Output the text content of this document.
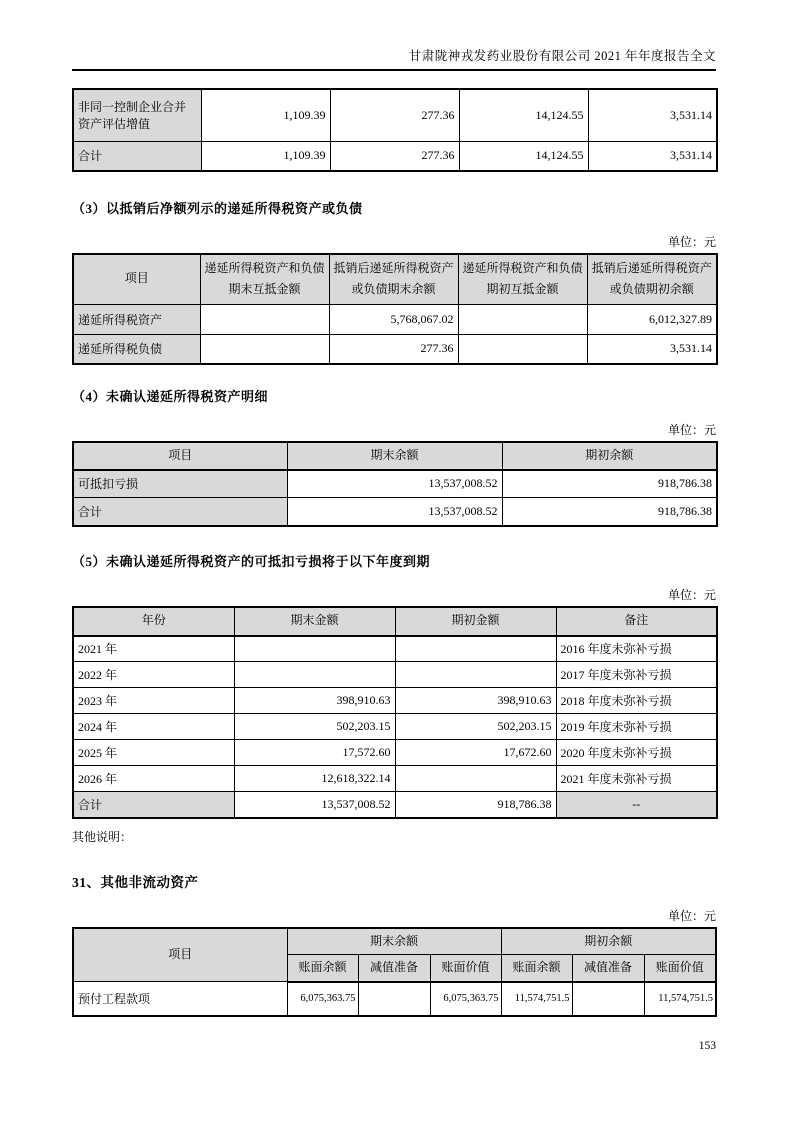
甘肃陇神戎发药业股份有限公司 2021 年年度报告全文
非同一控制企业合并资产评估增值	1,109.39	277.36	14,124.55	3,531.14
合计	1,109.39	277.36	14,124.55	3,531.14
（3）以抵销后净额列示的递延所得税资产或负债
单位：元
项目	递延所得税资产和负债期末互抵金额	抵销后递延所得税资产或负债期末余额	递延所得税资产和负债期初互抵金额	抵销后递延所得税资产或负债期初余额
递延所得税资产		5,768,067.02		6,012,327.89
递延所得税负债		277.36		3,531.14
（4）未确认递延所得税资产明细
单位：元
项目	期末余额	期初余额
可抵扣亏损	13,537,008.52	918,786.38
合计	13,537,008.52	918,786.38
（5）未确认递延所得税资产的可抵扣亏损将于以下年度到期
单位：元
年份	期末金额	期初金额	备注
2021 年			2016 年度未弥补亏损
2022 年			2017 年度未弥补亏损
2023 年	398,910.63	398,910.63	2018 年度未弥补亏损
2024 年	502,203.15	502,203.15	2019 年度未弥补亏损
2025 年	17,572.60	17,672.60	2020 年度未弥补亏损
2026 年	12,618,322.14		2021 年度未弥补亏损
合计	13,537,008.52	918,786.38	--
其他说明：
31、其他非流动资产
单位：元
项目	期末余额			期初余额		
	账面余额	减值准备	账面价值	账面余额	减值准备	账面价值
预付工程款项	6,075,363.75		6,075,363.75	11,574,751.5		11,574,751.5
153
